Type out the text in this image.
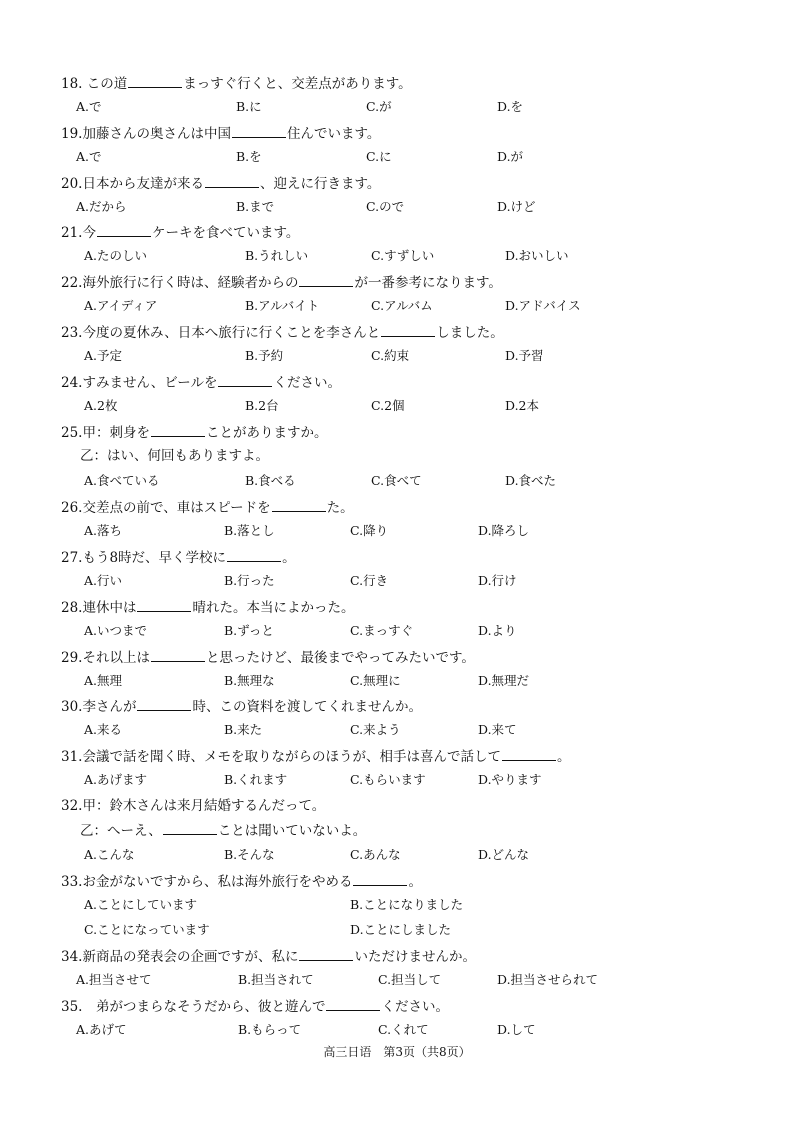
25.甲：刺身を	ことがありますか。
乙：はい、何回もありますよ。
A.食べている	B.食べる	C.食べて	D.食べた
32.甲：鈴木さんは来月結婚するんだって。
乙：へーえ、	ことは聞いていないよ。
A.こんな	B.そんな	C.あんな	D.どんな
33.お金がないですから、私は海外旅行をやめる	。
A.ことにしています	B.ことになりました
C.ことになっています	D.ことにしました
高三日语　第3页（共8页）
18. この道	まっすぐ行くと、交差点があります。
A.で	B.に	C.が	D.を
19.加藤さんの奥さんは中国	住んでいます。
A.で	B.を	C.に	D.が
20.日本から友達が来る	、迎えに行きます。
A.だから	B.まで	C.ので	D.けど
21.今	ケーキを食べています。
A.たのしい	B.うれしい	C.すずしい	D.おいしい
22.海外旅行に行く時は、経験者からの	が一番参考になります。
A.アイディア	B.アルバイト	C.アルバム	D.アドバイス
23.今度の夏休み、日本へ旅行に行くことを李さんと	しました。
A.予定	B.予約	C.約束	D.予習
24.すみません、ビールを	ください。
A.2枚	B.2台	C.2個	D.2本
26.交差点の前で、車はスピードを	た。
A.落ち	B.落とし	C.降り	D.降ろし
27.もう8時だ、早く学校に	。
A.行い	B.行った	C.行き	D.行け
28.連休中は	晴れた。本当によかった。
A.いつまで	B.ずっと	C.まっすぐ	D.より
29.それ以上は	と思ったけど、最後までやってみたいです。
A.無理	B.無理な	C.無理に	D.無理だ
30.李さんが	時、この資料を渡してくれませんか。
A.来る	B.来た	C.来よう	D.来て
31.会議で話を聞く時、メモを取りながらのほうが、相手は喜んで話して	。
A.あげます	B.くれます	C.もらいます	D.やります
34.新商品の発表会の企画ですが、私に	いただけませんか。
A.担当させて	B.担当されて	C.担当して	D.担当させられて
35.　弟がつまらなそうだから、彼と遊んで	ください。
A.あげて	B.もらって	C.くれて	D.して
